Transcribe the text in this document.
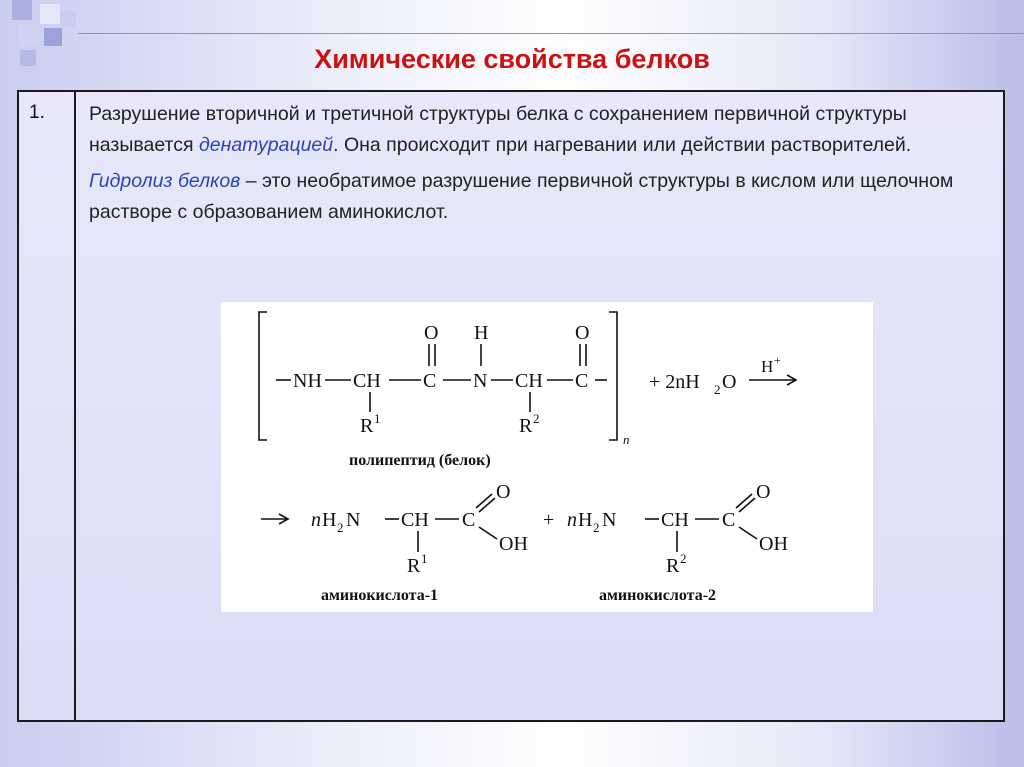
Химические свойства белков
1. Разрушение вторичной и третичной структуры белка с сохранением первичной структуры называется денатурацией. Она происходит при нагревании или действии растворителей.

Гидролиз белков – это необратимое разрушение первичной структуры в кислом или щелочном растворе с образованием аминокислот.

NH CH C
O
N
H
CH C
O
R 1	R 2
n
+ 2nH 2 O
H +
полипептид (белок)
n H 2 N CH C
O
OH
R 1
+ n H 2 N CH C
O
OH
R 2
аминокислота-1	аминокислота-2
